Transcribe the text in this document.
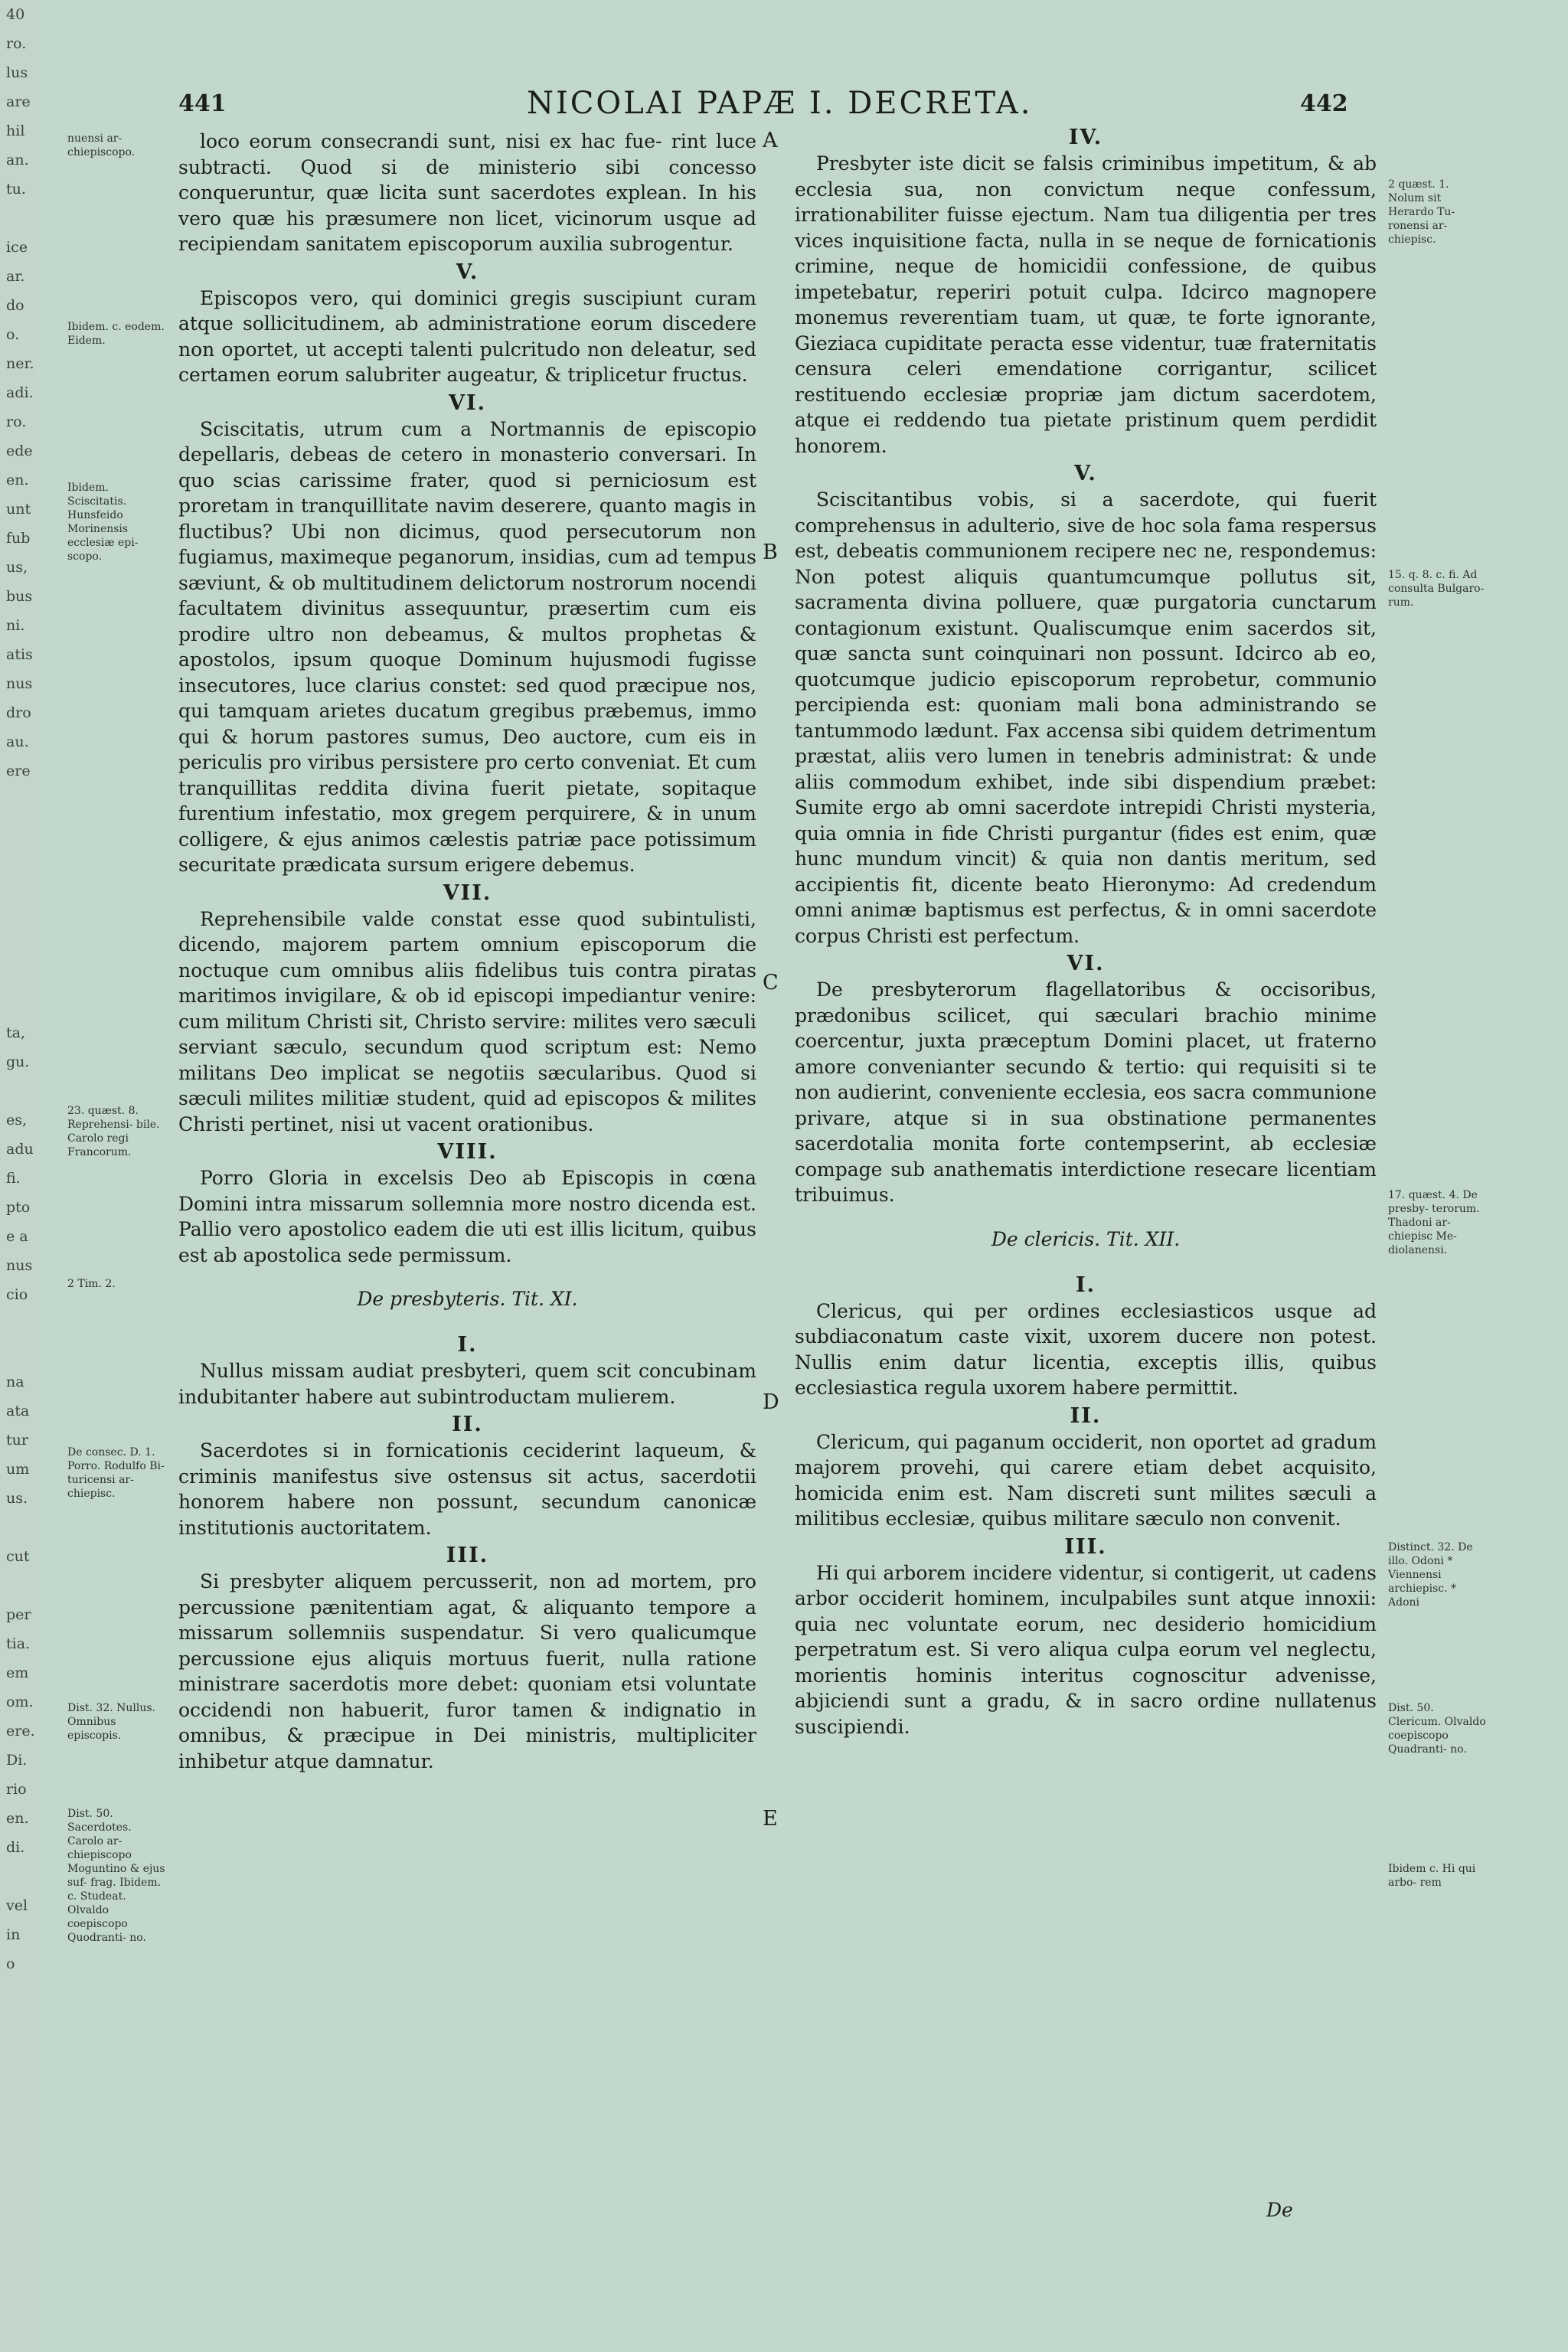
40
ro.
lus
are
hil
an.
tu.

ice
ar.
do
o.
ner.
adi.
ro.
ede
en.
unt
fub
us,
bus
ni.
atis
nus
dro
au.
ere

ta,
gu.

es,
adu
fi.
pto
e a
nus
cio

na
ata
tur
um
us.

cut

per
tia.
em
om.
ere.
Di.
rio
en.
di.

vel
in
o
441	NICOLAI PAPÆ I. DECRETA.	442

loco eorum consecrandi sunt, nisi ex hac fue- rint luce subtracti. Quod si de ministerio sibi concesso conqueruntur, quæ licita sunt sacerdotes explean. In his vero quæ his præsumere non licet, vicinorum usque ad recipiendam sanitatem episcoporum auxilia subrogentur.

V.

Episcopos vero, qui dominici gregis suscipiunt curam atque sollicitudinem, ab administratione eorum discedere non oportet, ut accepti talenti pulcritudo non deleatur, sed certamen eorum salubriter augeatur, & triplicetur fructus.

VI.

Sciscitatis, utrum cum a Nortmannis de episcopio depellaris, debeas de cetero in monasterio conversari. In quo scias carissime frater, quod si perniciosum est proretam in tranquillitate navim deserere, quanto magis in fluctibus? Ubi non dicimus, quod persecutorum non fugiamus, maximeque peganorum, insidias, cum ad tempus sæviunt, & ob multitudinem delictorum nostrorum nocendi facultatem divinitus assequuntur, præsertim cum eis prodire ultro non debeamus, & multos prophetas & apostolos, ipsum quoque Dominum hujusmodi fugisse insecutores, luce clarius constet: sed quod præcipue nos, qui tamquam arietes ducatum gregibus præbemus, immo qui & horum pastores sumus, Deo auctore, cum eis in periculis pro viribus persistere pro certo conveniat. Et cum tranquillitas reddita divina fuerit pietate, sopitaque furentium infestatio, mox gregem perquirere, & in unum colligere, & ejus animos cælestis patriæ pace potissimum securitate prædicata sursum erigere debemus.

VII.

Reprehensibile valde constat esse quod subintulisti, dicendo, majorem partem omnium episcoporum die noctuque cum omnibus aliis fidelibus tuis contra piratas maritimos invigilare, & ob id episcopi impediantur venire: cum militum Christi sit, Christo servire: milites vero sæculi serviant sæculo, secundum quod scriptum est: Nemo militans Deo implicat se negotiis sæcularibus. Quod si sæculi milites militiæ student, quid ad episcopos & milites Christi pertinet, nisi ut vacent orationibus.

VIII.

Porro Gloria in excelsis Deo ab Episcopis in cœna Domini intra missarum sollemnia more nostro dicenda est. Pallio vero apostolico eadem die uti est illis licitum, quibus est ab apostolica sede permissum.

De presbyteris. Tit. XI.
I.

Nullus missam audiat presbyteri, quem scit concubinam indubitanter habere aut subintroductam mulierem.

II.

Sacerdotes si in fornicationis ceciderint laqueum, & criminis manifestus sive ostensus sit actus, sacerdotii honorem habere non possunt, secundum canonicæ institutionis auctoritatem.

III.

Si presbyter aliquem percusserit, non ad mortem, pro percussione pænitentiam agat, & aliquanto tempore a missarum sollemniis suspendatur. Si vero qualicumque percussione ejus aliquis mortuus fuerit, nulla ratione ministrare sacerdotis more debet: quoniam etsi voluntate occidendi non habuerit, furor tamen & indignatio in omnibus, & præcipue in Dei ministris, multipliciter inhibetur atque damnatur.

IV.

Presbyter iste dicit se falsis criminibus impetitum, & ab ecclesia sua, non convictum neque confessum, irrationabiliter fuisse ejectum. Nam tua diligentia per tres vices inquisitione facta, nulla in se neque de fornicationis crimine, neque de homicidii confessione, de quibus impetebatur, reperiri potuit culpa. Idcirco magnopere monemus reverentiam tuam, ut quæ, te forte ignorante, Gieziaca cupiditate peracta esse videntur, tuæ fraternitatis censura celeri emendatione corrigantur, scilicet restituendo ecclesiæ propriæ jam dictum sacerdotem, atque ei reddendo tua pietate pristinum quem perdidit honorem.

V.

Sciscitantibus vobis, si a sacerdote, qui fuerit comprehensus in adulterio, sive de hoc sola fama respersus est, debeatis communionem recipere nec ne, respondemus: Non potest aliquis quantumcumque pollutus sit, sacramenta divina polluere, quæ purgatoria cunctarum contagionum existunt. Qualiscumque enim sacerdos sit, quæ sancta sunt coinquinari non possunt. Idcirco ab eo, quotcumque judicio episcoporum reprobetur, communio percipienda est: quoniam mali bona administrando se tantummodo lædunt. Fax accensa sibi quidem detrimentum præstat, aliis vero lumen in tenebris administrat: & unde aliis commodum exhibet, inde sibi dispendium præbet: Sumite ergo ab omni sacerdote intrepidi Christi mysteria, quia omnia in fide Christi purgantur (fides est enim, quæ hunc mundum vincit) & quia non dantis meritum, sed accipientis fit, dicente beato Hieronymo: Ad credendum omni animæ baptismus est perfectus, & in omni sacerdote corpus Christi est perfectum.

VI.

De presbyterorum flagellatoribus & occisoribus, prædonibus scilicet, qui sæculari brachio minime coercentur, juxta præceptum Domini placet, ut fraterno amore convenianter secundo & tertio: qui requisiti si te non audierint, conveniente ecclesia, eos sacra communione privare, atque si in sua obstinatione permanentes sacerdotalia monita forte contempserint, ab ecclesiæ compage sub anathematis interdictione resecare licentiam tribuimus.

De clericis. Tit. XII.
I.

Clericus, qui per ordines ecclesiasticos usque ad subdiaconatum caste vixit, uxorem ducere non potest. Nullis enim datur licentia, exceptis illis, quibus ecclesiastica regula uxorem habere permittit.

II.

Clericum, qui paganum occiderit, non oportet ad gradum majorem provehi, qui carere etiam debet acquisito, homicida enim est. Nam discreti sunt milites sæculi a militibus ecclesiæ, quibus militare sæculo non convenit.

III.

Hi qui arborem incidere videntur, si contigerit, ut cadens arbor occiderit hominem, inculpabiles sunt atque innoxii: quia nec voluntate eorum, nec desiderio homicidium perpetratum est. Si vero aliqua culpa eorum vel neglectu, morientis hominis interitus cognoscitur advenisse, abjiciendi sunt a gradu, & in sacro ordine nullatenus suscipiendi.

nuensi ar- chiepiscopo.
Ibidem. c. eodem. Eidem.
Ibidem. Sciscitatis. Hunsfeido Morinensis ecclesiæ epi- scopo.
23. quæst. 8. Reprehensi- bile. Carolo regi Francorum.
2 Tim. 2.
De consec. D. 1. Porro. Rodulfo Bi- turicensi ar- chiepisc.
Dist. 32. Nullus. Omnibus episcopis.
Dist. 50. Sacerdotes. Carolo ar- chiepiscopo Moguntino & ejus suf- frag. Ibidem. c. Studeat. Olvaldo coepiscopo Quodranti- no.
2 quæst. 1. Nolum sit Herardo Tu- ronensi ar- chiepisc.
15. q. 8. c. fi. Ad consulta Bulgaro- rum.
17. quæst. 4. De presby- terorum. Thadoni ar- chiepisc Me- diolanensi.
Distinct. 32. De illo. Odoni * Viennensi archiepisc. * Adoni
Dist. 50. Clericum. Olvaldo coepiscopo Quadranti- no.
Ibidem c. Hi qui arbo- rem
A
B
C
D
E
De
